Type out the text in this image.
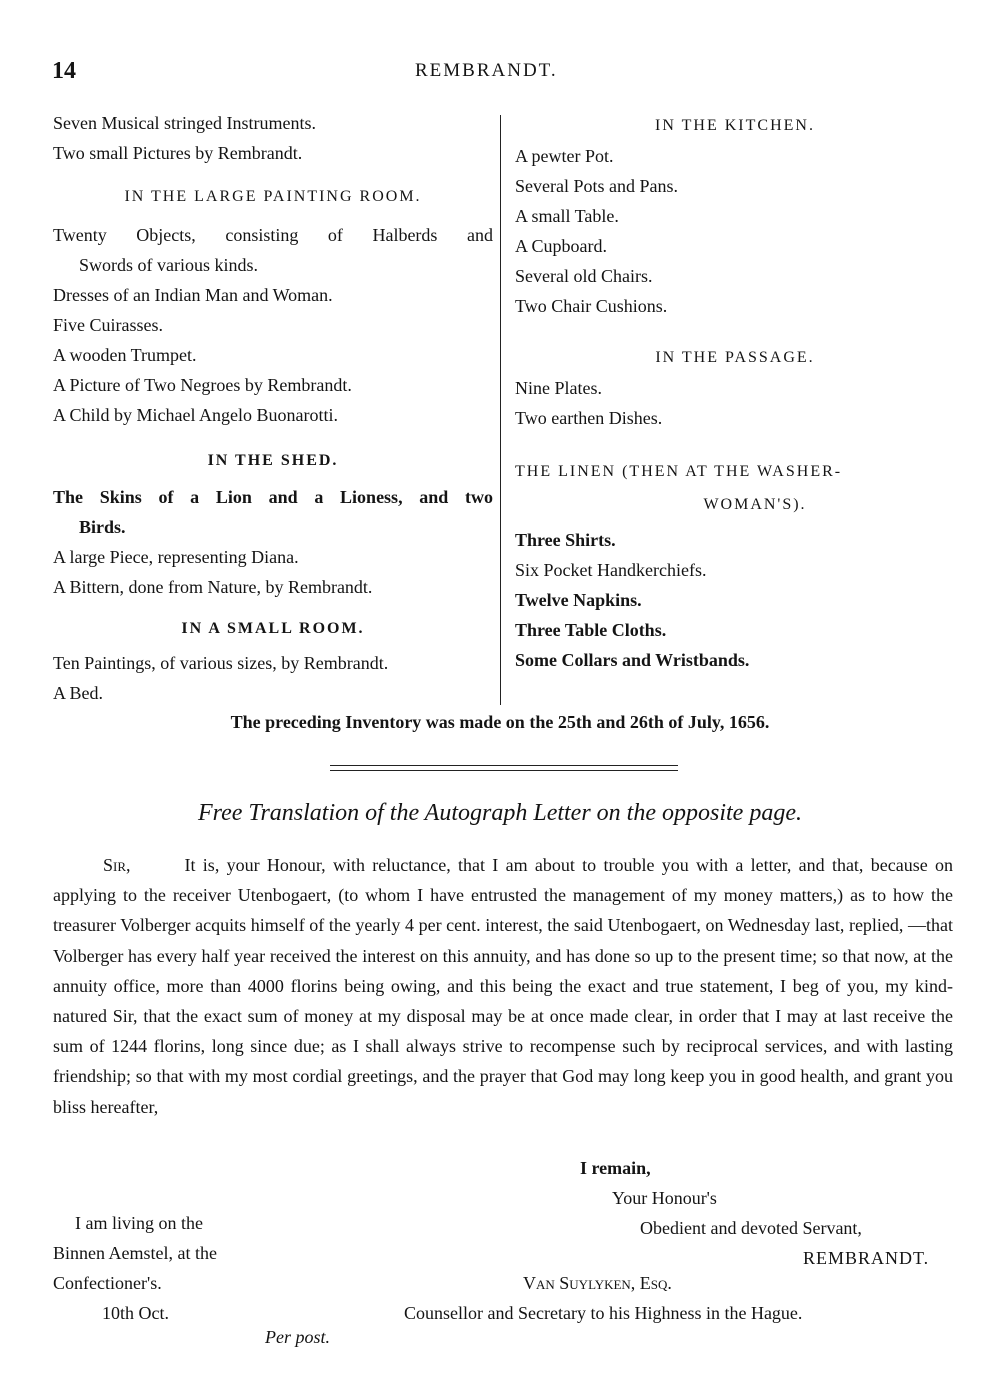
14	REMBRANDT.
Seven Musical stringed Instruments.
Two small Pictures by Rembrandt.
IN THE LARGE PAINTING ROOM.
Twenty Objects, consisting of Halberds and
Swords of various kinds.
Dresses of an Indian Man and Woman.
Five Cuirasses.
A wooden Trumpet.
A Picture of Two Negroes by Rembrandt.
A Child by Michael Angelo Buonarotti.
IN THE SHED.
The Skins of a Lion and a Lioness, and two
Birds.
A large Piece, representing Diana.
A Bittern, done from Nature, by Rembrandt.
IN A SMALL ROOM.
Ten Paintings, of various sizes, by Rembrandt.
A Bed.
IN THE KITCHEN.
A pewter Pot.
Several Pots and Pans.
A small Table.
A Cupboard.
Several old Chairs.
Two Chair Cushions.
IN THE PASSAGE.
Nine Plates.
Two earthen Dishes.
THE LINEN (THEN AT THE WASHER-
WOMAN'S).
Three Shirts.
Six Pocket Handkerchiefs.
Twelve Napkins.
Three Table Cloths.
Some Collars and Wristbands.
The preceding Inventory was made on the 25th and 26th of July, 1656.
Free Translation of the Autograph Letter on the opposite page.

Sir,	It is, your Honour, with reluctance, that I am about to trouble you with a letter, and that, because on applying to the receiver Utenbogaert, (to whom I have entrusted the management of my money matters,) as to how the treasurer Volberger acquits himself of the yearly 4 per cent. interest, the said Utenbogaert, on Wednesday last, replied, —that Volberger has every half year received the interest on this annuity, and has done so up to the present time; so that now, at the annuity office, more than 4000 florins being owing, and this being the exact and true statement, I beg of you, my kind-natured Sir, that the exact sum of money at my disposal may be at once made clear, in order that I may at last receive the sum of 1244 florins, long since due; as I shall always strive to recompense such by reciprocal services, and with lasting friendship; so that with my most cordial greetings, and the prayer that God may long keep you in good health, and grant you bliss hereafter,

I remain,
Your Honour's
Obedient and devoted Servant,
REMBRANDT.
I am living on the
Binnen Aemstel, at the
Confectioner's.
10th Oct.
Van Suylyken, Esq.
Counsellor and Secretary to his Highness in the Hague.
Per post.
